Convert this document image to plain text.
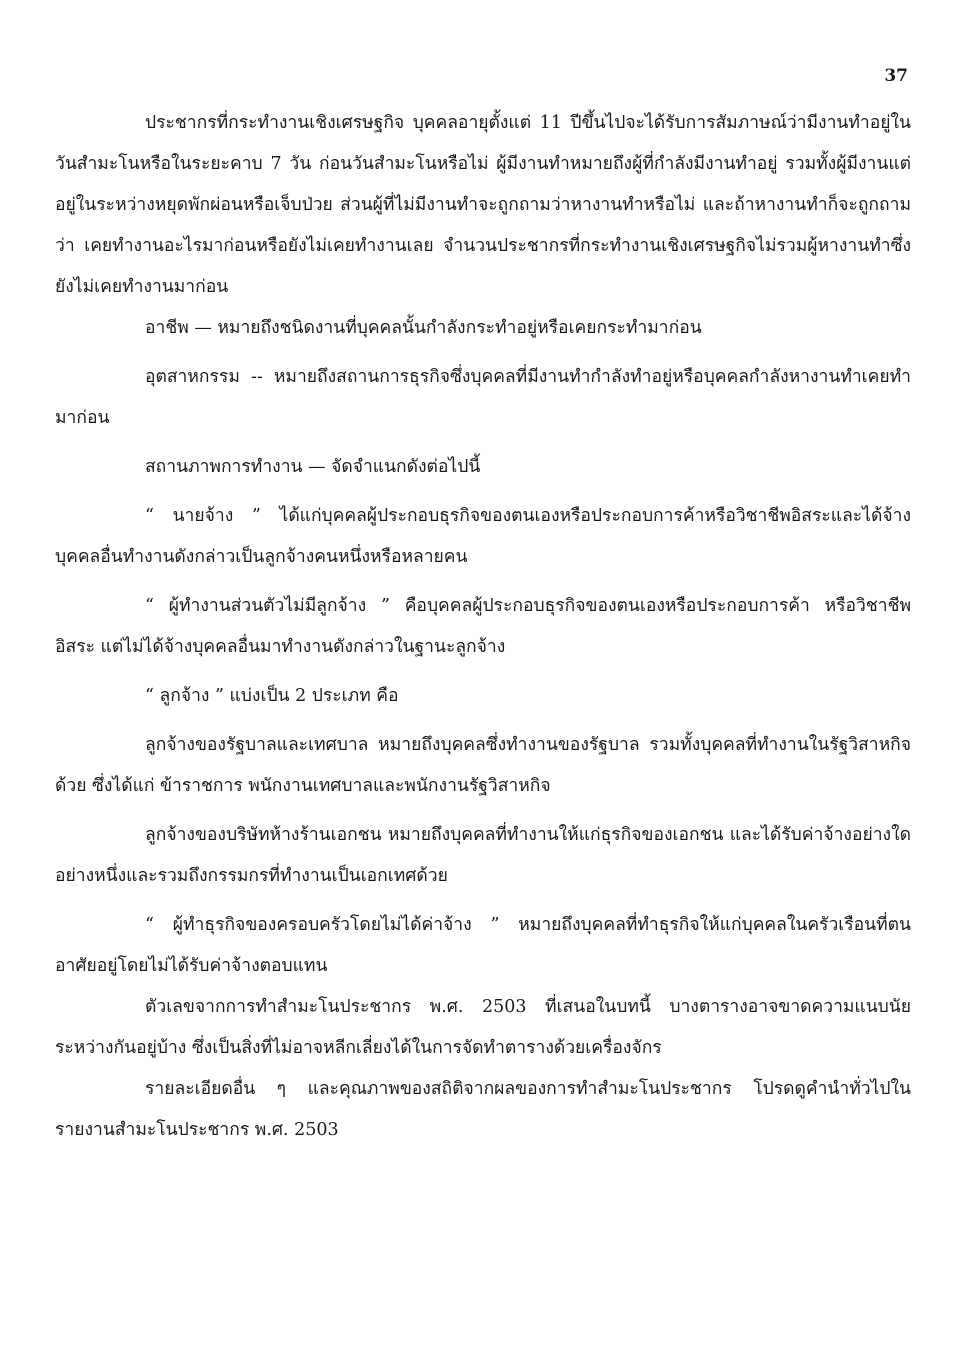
37

ประชากรที่กระทำงานเชิงเศรษฐกิจ บุคคลอายุตั้งแต่ 11 ปีขึ้นไปจะได้รับการสัมภาษณ์ว่ามีงานทำอยู่ในวันสำมะโนหรือในระยะคาบ 7 วัน ก่อนวันสำมะโนหรือไม่ ผู้มีงานทำหมายถึงผู้ที่กำลังมีงานทำอยู่ รวมทั้งผู้มีงานแต่อยู่ในระหว่างหยุดพักผ่อนหรือเจ็บป่วย ส่วนผู้ที่ไม่มีงานทำจะถูกถามว่าหางานทำหรือไม่ และถ้าหางานทำก็จะถูกถามว่า เคยทำงานอะไรมาก่อนหรือยังไม่เคยทำงานเลย จำนวนประชากรที่กระทำงานเชิงเศรษฐกิจไม่รวมผู้หางานทำซึ่งยังไม่เคยทำงานมาก่อน

อาชีพ — หมายถึงชนิดงานที่บุคคลนั้นกำลังกระทำอยู่หรือเคยกระทำมาก่อน

อุตสาหกรรม -- หมายถึงสถานการธุรกิจซึ่งบุคคลที่มีงานทำกำลังทำอยู่หรือบุคคลกำลังหางานทำเคยทำมาก่อน

สถานภาพการทำงาน — จัดจำแนกดังต่อไปนี้

“ นายจ้าง ” ได้แก่บุคคลผู้ประกอบธุรกิจของตนเองหรือประกอบการค้าหรือวิชาชีพอิสระและได้จ้างบุคคลอื่นทำงานดังกล่าวเป็นลูกจ้างคนหนึ่งหรือหลายคน

“ ผู้ทำงานส่วนตัวไม่มีลูกจ้าง ” คือบุคคลผู้ประกอบธุรกิจของตนเองหรือประกอบการค้า หรือวิชาชีพอิสระ แต่ไม่ได้จ้างบุคคลอื่นมาทำงานดังกล่าวในฐานะลูกจ้าง

“ ลูกจ้าง ” แบ่งเป็น 2 ประเภท คือ

ลูกจ้างของรัฐบาลและเทศบาล หมายถึงบุคคลซึ่งทำงานของรัฐบาล รวมทั้งบุคคลที่ทำงานในรัฐวิสาหกิจด้วย ซึ่งได้แก่ ข้าราชการ พนักงานเทศบาลและพนักงานรัฐวิสาหกิจ

ลูกจ้างของบริษัทห้างร้านเอกชน หมายถึงบุคคลที่ทำงานให้แก่ธุรกิจของเอกชน และได้รับค่าจ้างอย่างใดอย่างหนึ่งและรวมถึงกรรมกรที่ทำงานเป็นเอกเทศด้วย

“ ผู้ทำธุรกิจของครอบครัวโดยไม่ได้ค่าจ้าง ” หมายถึงบุคคลที่ทำธุรกิจให้แก่บุคคลในครัวเรือนที่ตนอาศัยอยู่โดยไม่ได้รับค่าจ้างตอบแทน

ตัวเลขจากการทำสำมะโนประชากร พ.ศ. 2503 ที่เสนอในบทนี้ บางตารางอาจขาดความแนบนัยระหว่างกันอยู่บ้าง ซึ่งเป็นสิ่งที่ไม่อาจหลีกเลี่ยงได้ในการจัดทำตารางด้วยเครื่องจักร

รายละเอียดอื่น ๆ และคุณภาพของสถิติจากผลของการทำสำมะโนประชากร โปรดดูคำนำทั่วไปในรายงานสำมะโนประชากร พ.ศ. 2503
